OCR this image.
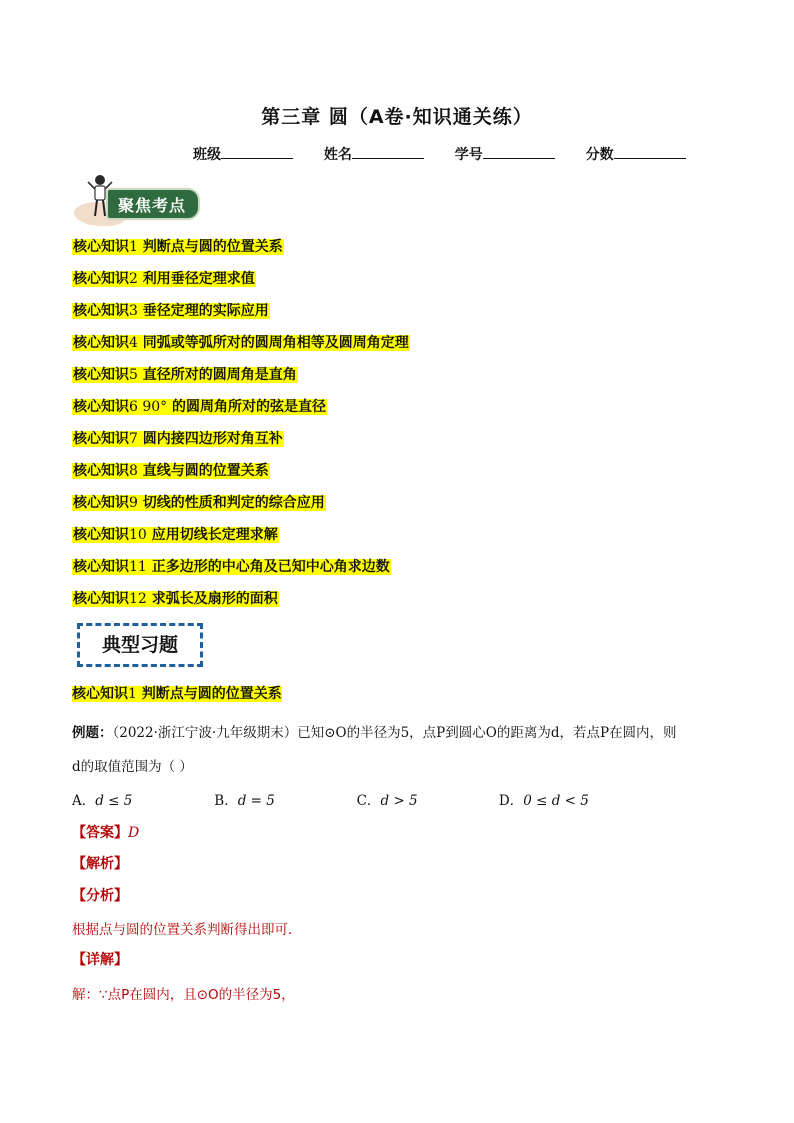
第三章 圆（A卷·知识通关练）
班级	姓名	学号	分数
聚焦考点
核心知识1 判断点与圆的位置关系
核心知识2 利用垂径定理求值
核心知识3 垂径定理的实际应用
核心知识4 同弧或等弧所对的圆周角相等及圆周角定理
核心知识5 直径所对的圆周角是直角
核心知识6 90° 的圆周角所对的弦是直径
核心知识7 圆内接四边形对角互补
核心知识8 直线与圆的位置关系
核心知识9 切线的性质和判定的综合应用
核心知识10 应用切线长定理求解
核心知识11 正多边形的中心角及已知中心角求边数
核心知识12 求弧长及扇形的面积
典型习题
核心知识1 判断点与圆的位置关系
例题：（2022·浙江宁波·九年级期末）已知⊙O的半径为5，点P到圆心O的距离为d，若点P在圆内，则
d的取值范围为（ ）
A．d ≤ 5	B．d = 5	C．d > 5	D．0 ≤ d < 5
【答案】D
【解析】
【分析】
根据点与圆的位置关系判断得出即可．
【详解】
解：∵点P在圆内，且⊙O的半径为5，
